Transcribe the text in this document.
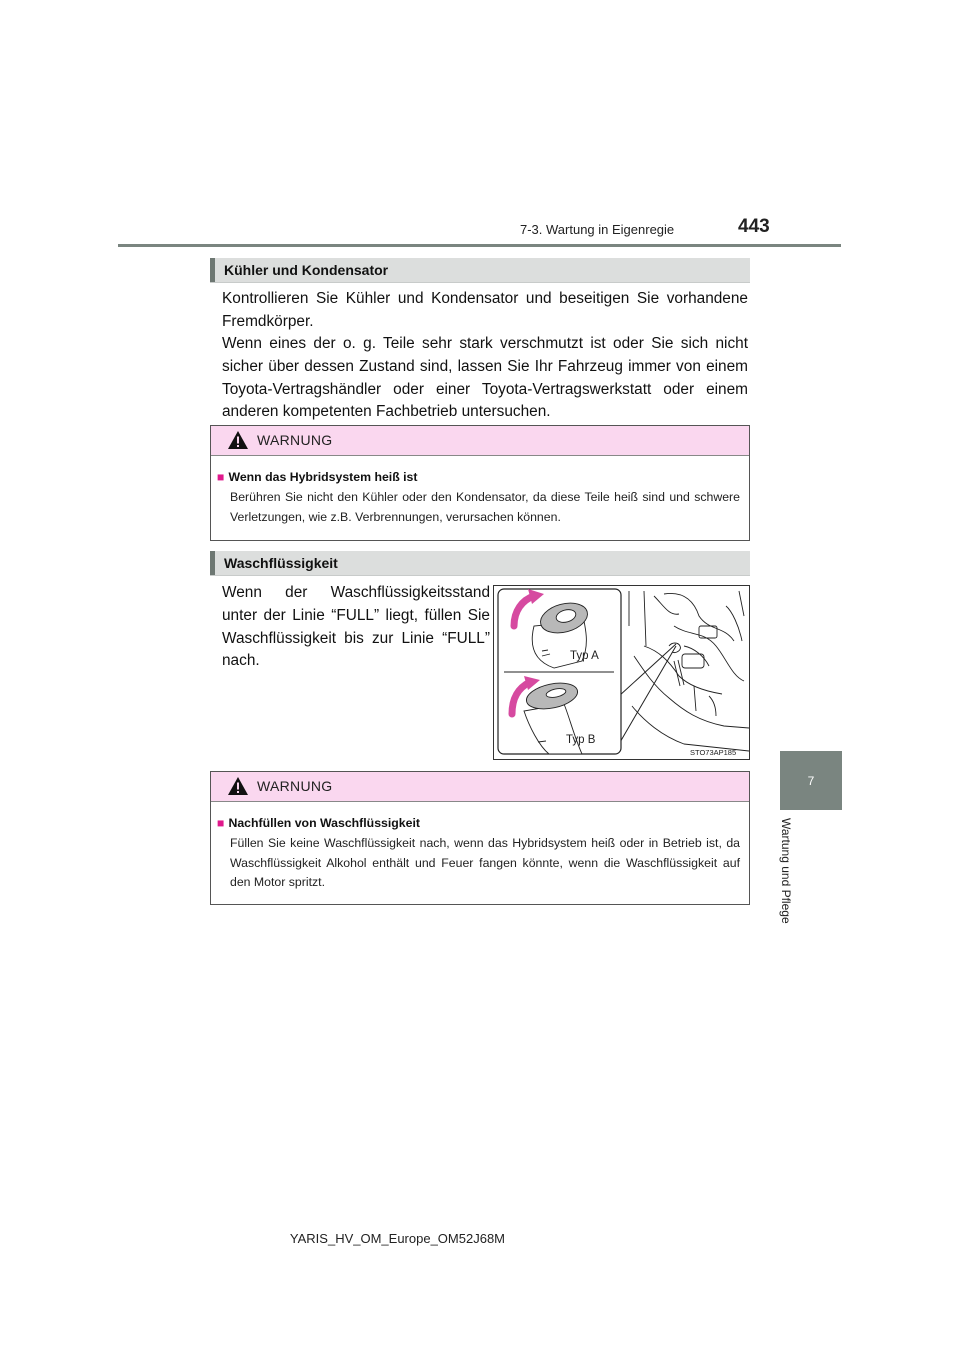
7-3. Wartung in Eigenregie	443
7
Wartung und Pflege
Kühler und Kondensator
Kontrollieren Sie Kühler und Kondensator und beseitigen Sie vorhandene Fremdkörper.
Wenn eines der o. g. Teile sehr stark verschmutzt ist oder Sie sich nicht sicher über dessen Zustand sind, lassen Sie Ihr Fahrzeug immer von einem Toyota-Vertragshändler oder einer Toyota-Vertragswerkstatt oder einem anderen kompetenten Fachbetrieb untersuchen.
WARNUNG
■ Wenn das Hybridsystem heiß ist
Berühren Sie nicht den Kühler oder den Kondensator, da diese Teile heiß sind und schwere Verletzungen, wie z.B. Verbrennungen, verursachen können.
Waschflüssigkeit
Wenn der Waschflüssigkeitsstand unter der Linie “FULL” liegt, füllen Sie Waschflüssigkeit bis zur Linie “FULL” nach.	Typ A
Typ B
STO73AP185
WARNUNG
■ Nachfüllen von Waschflüssigkeit
Füllen Sie keine Waschflüssigkeit nach, wenn das Hybridsystem heiß oder in Betrieb ist, da Waschflüssigkeit Alkohol enthält und Feuer fangen könnte, wenn die Waschflüssigkeit auf den Motor spritzt.
YARIS_HV_OM_Europe_OM52J68M
